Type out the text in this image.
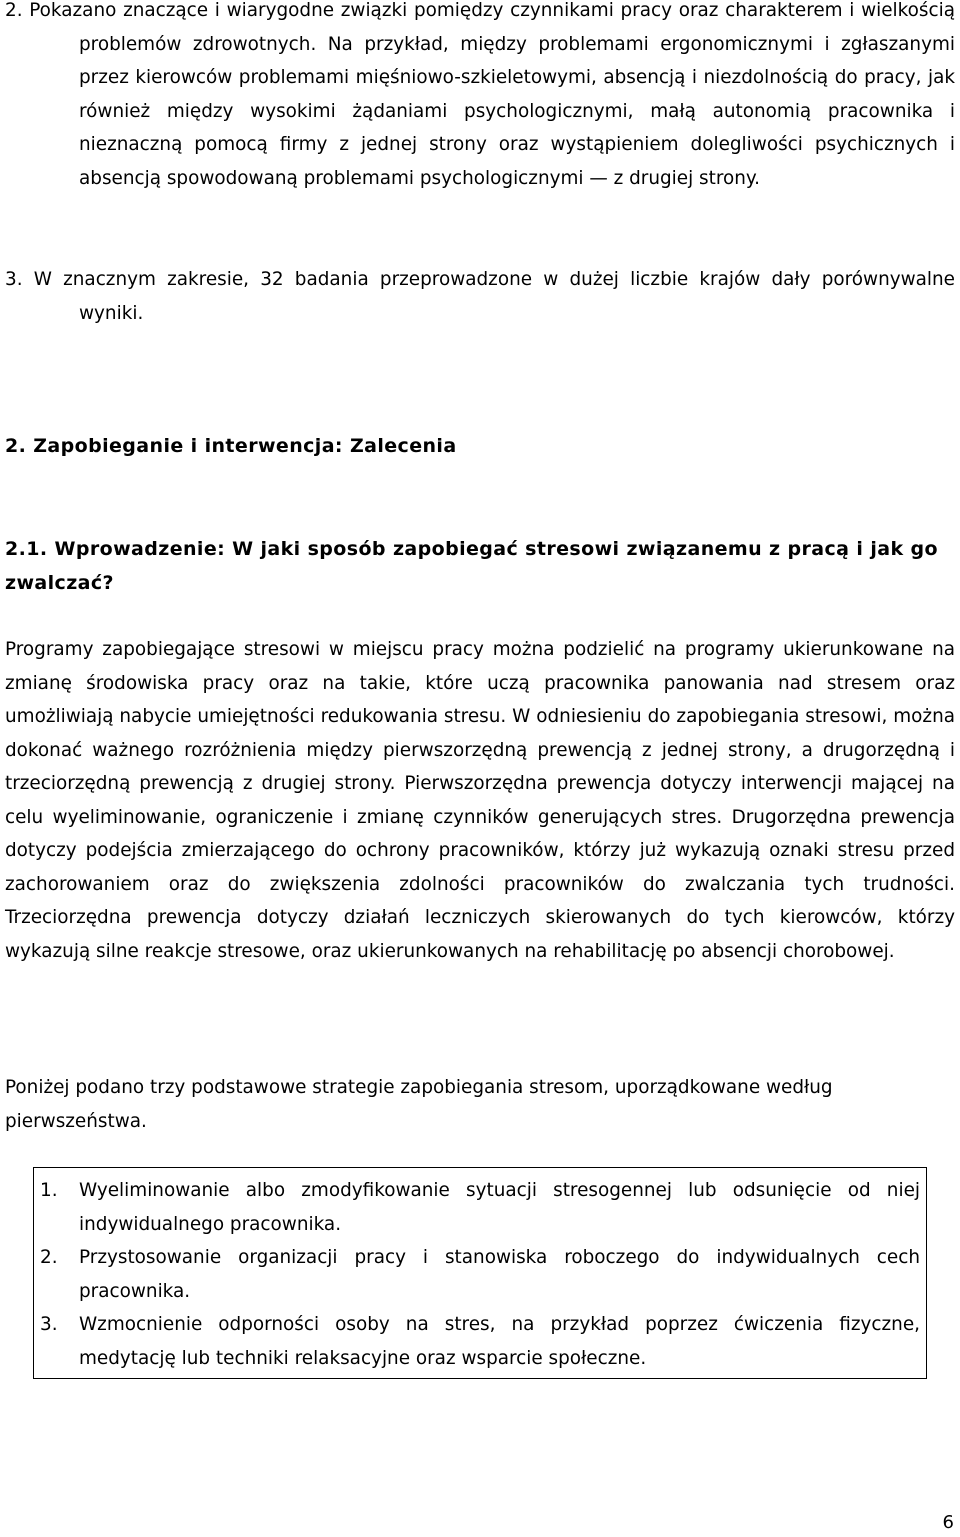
2. Pokazano znaczące i wiarygodne związki pomiędzy czynnikami pracy oraz charakterem i wielkością problemów zdrowotnych. Na przykład, między problemami ergonomicznymi i zgłaszanymi przez kierowców problemami mięśniowo-szkieletowymi, absencją i niezdolnością do pracy, jak również między wysokimi żądaniami psychologicznymi, małą autonomią pracownika i nieznaczną pomocą firmy z jednej strony oraz wystąpieniem dolegliwości psychicznych i absencją spowodowaną problemami psychologicznymi — z drugiej strony.

3. W znacznym zakresie, 32 badania przeprowadzone w dużej liczbie krajów dały porównywalne wyniki.

2. Zapobieganie i interwencja: Zalecenia
2.1. Wprowadzenie: W jaki sposób zapobiegać stresowi związanemu z pracą i jak go zwalczać?

Programy zapobiegające stresowi w miejscu pracy można podzielić na programy ukierunkowane na zmianę środowiska pracy oraz na takie, które uczą pracownika panowania nad stresem oraz umożliwiają nabycie umiejętności redukowania stresu. W odniesieniu do zapobiegania stresowi, można dokonać ważnego rozróżnienia między pierwszorzędną prewencją z jednej strony, a drugorzędną i trzeciorzędną prewencją z drugiej strony. Pierwszorzędna prewencja dotyczy interwencji mającej na celu wyeliminowanie, ograniczenie i zmianę czynników generujących stres. Drugorzędna prewencja dotyczy podejścia zmierzającego do ochrony pracowników, którzy już wykazują oznaki stresu przed zachorowaniem oraz do zwiększenia zdolności pracowników do zwalczania tych trudności. Trzeciorzędna prewencja dotyczy działań leczniczych skierowanych do tych kierowców, którzy wykazują silne reakcje stresowe, oraz ukierunkowanych na rehabilitację po absencji chorobowej.

Poniżej podano trzy podstawowe strategie zapobiegania stresom, uporządkowane według pierwszeństwa.

1.	Wyeliminowanie albo zmodyfikowanie sytuacji stresogennej lub odsunięcie od niej indywidualnego pracownika.
2.	Przystosowanie organizacji pracy i stanowiska roboczego do indywidualnych cech pracownika.
3.	Wzmocnienie odporności osoby na stres, na przykład poprzez ćwiczenia fizyczne, medytację lub techniki relaksacyjne oraz wsparcie społeczne.
6
